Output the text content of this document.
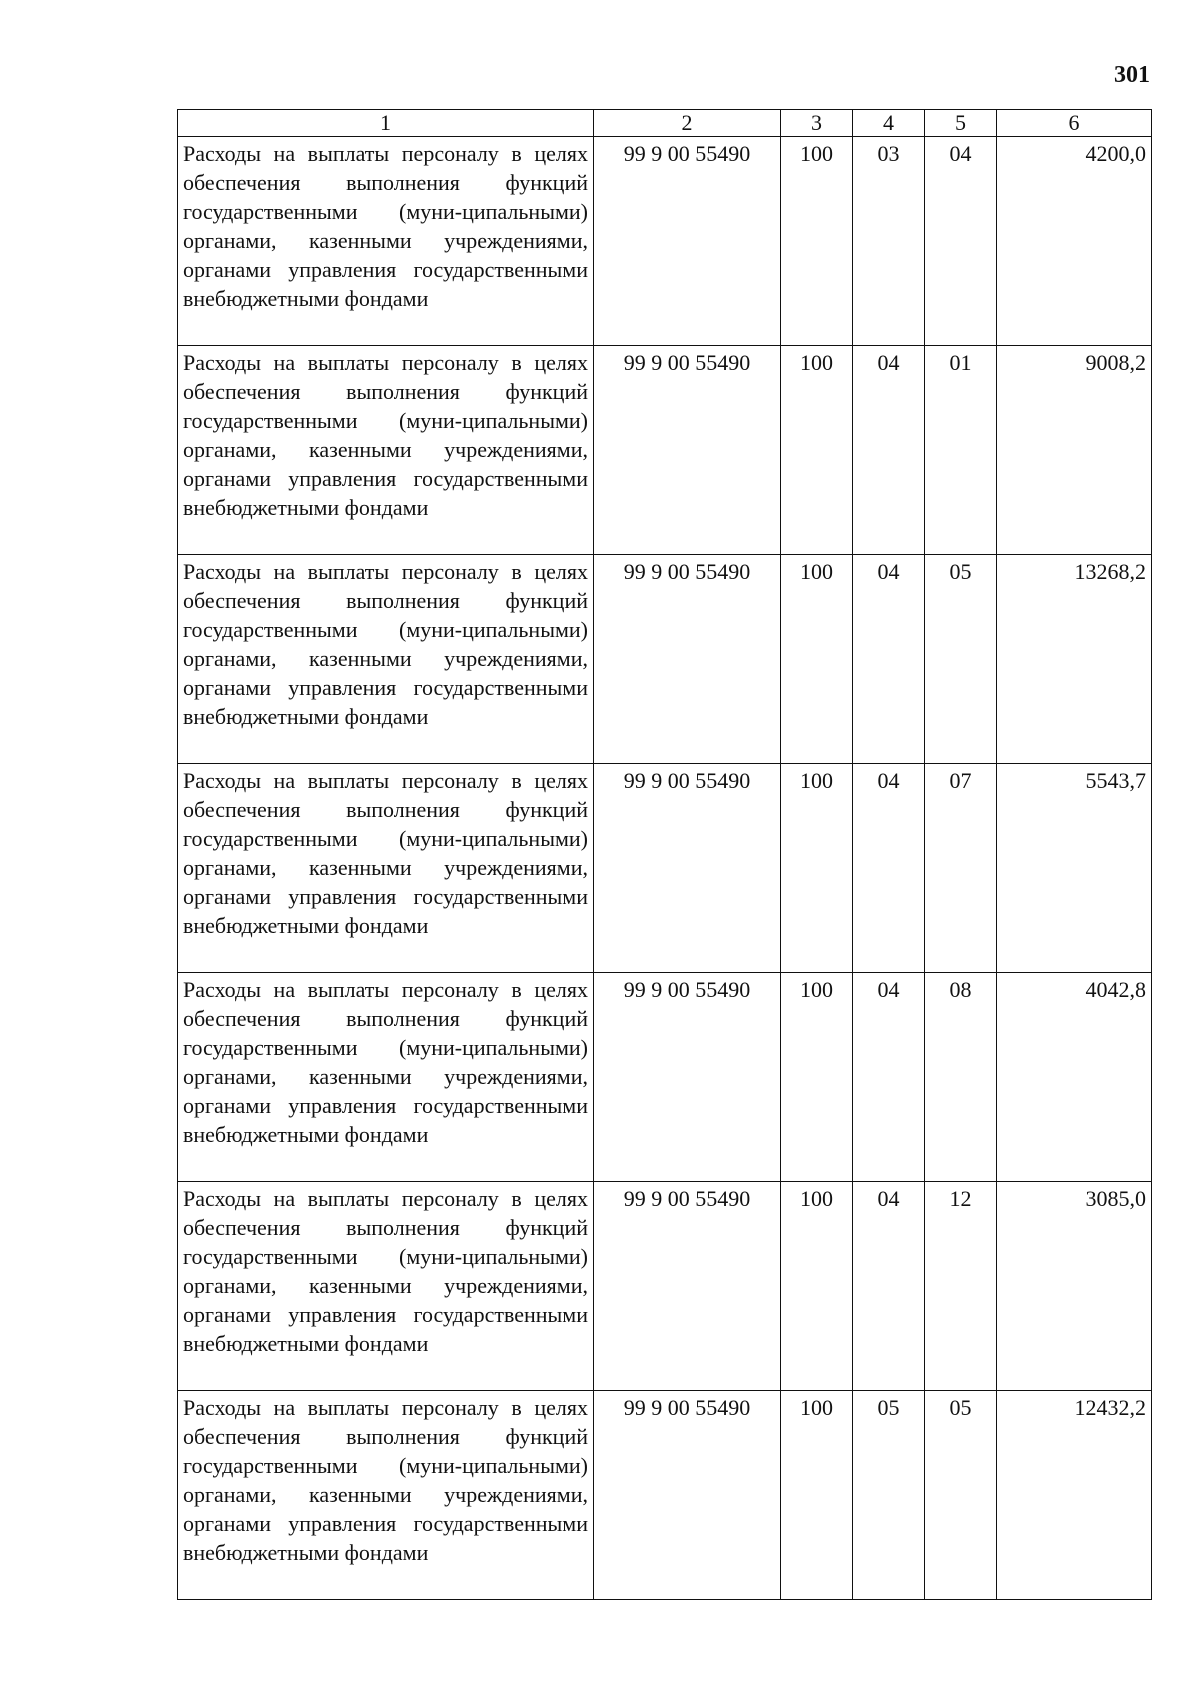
301
1	2	3	4	5	6
Расходы на выплаты персоналу в целях обеспечения выполнения функций государственными (муни-ципальными) органами, казенными учреждениями, органами управления государственными внебюджетными фондами	99 9 00 55490	100	03	04	4200,0
Расходы на выплаты персоналу в целях обеспечения выполнения функций государственными (муни-ципальными) органами, казенными учреждениями, органами управления государственными внебюджетными фондами	99 9 00 55490	100	04	01	9008,2
Расходы на выплаты персоналу в целях обеспечения выполнения функций государственными (муни-ципальными) органами, казенными учреждениями, органами управления государственными внебюджетными фондами	99 9 00 55490	100	04	05	13268,2
Расходы на выплаты персоналу в целях обеспечения выполнения функций государственными (муни-ципальными) органами, казенными учреждениями, органами управления государственными внебюджетными фондами	99 9 00 55490	100	04	07	5543,7
Расходы на выплаты персоналу в целях обеспечения выполнения функций государственными (муни-ципальными) органами, казенными учреждениями, органами управления государственными внебюджетными фондами	99 9 00 55490	100	04	08	4042,8
Расходы на выплаты персоналу в целях обеспечения выполнения функций государственными (муни-ципальными) органами, казенными учреждениями, органами управления государственными внебюджетными фондами	99 9 00 55490	100	04	12	3085,0
Расходы на выплаты персоналу в целях обеспечения выполнения функций государственными (муни-ципальными) органами, казенными учреждениями, органами управления государственными внебюджетными фондами	99 9 00 55490	100	05	05	12432,2
